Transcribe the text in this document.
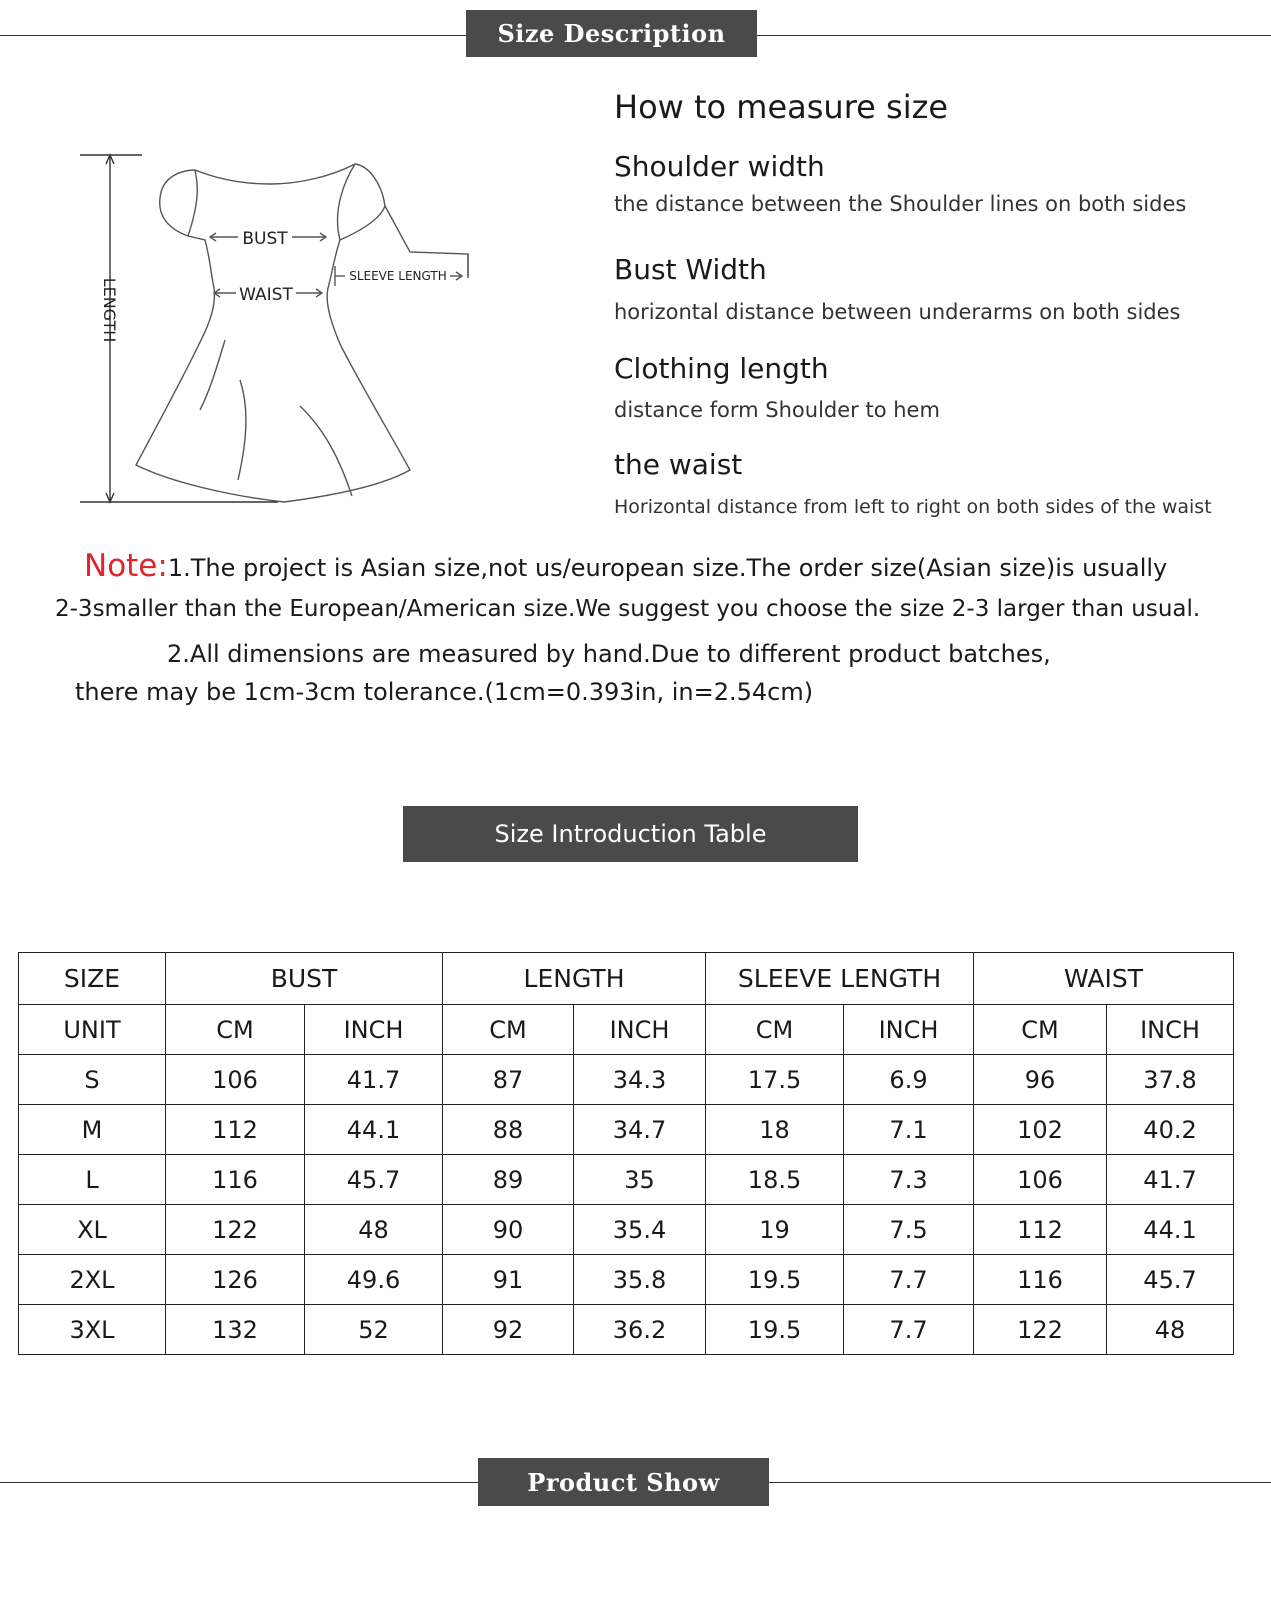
Size Description
BUST
WAIST
SLEEVE LENGTH
LENGTH
How to measure size
Shoulder width
the distance between the Shoulder lines on both sides
Bust Width
horizontal distance between underarms on both sides
Clothing length
distance form Shoulder to hem
the waist
Horizontal distance from left to right on both sides of the waist
Note:1.The project is Asian size,not us/european size.The order size(Asian size)is usually
2-3smaller than the European/American size.We suggest you choose the size 2-3 larger than usual.
2.All dimensions are measured by hand.Due to different product batches,
there may be 1cm-3cm tolerance.(1cm=0.393in, in=2.54cm)
Size Introduction Table
SIZE	BUST		LENGTH		SLEEVE LENGTH		WAIST	
UNIT	CM	INCH	CM	INCH	CM	INCH	CM	INCH
S	106	41.7	87	34.3	17.5	6.9	96	37.8
M	112	44.1	88	34.7	18	7.1	102	40.2
L	116	45.7	89	35	18.5	7.3	106	41.7
XL	122	48	90	35.4	19	7.5	112	44.1
2XL	126	49.6	91	35.8	19.5	7.7	116	45.7
3XL	132	52	92	36.2	19.5	7.7	122	48
Product Show
